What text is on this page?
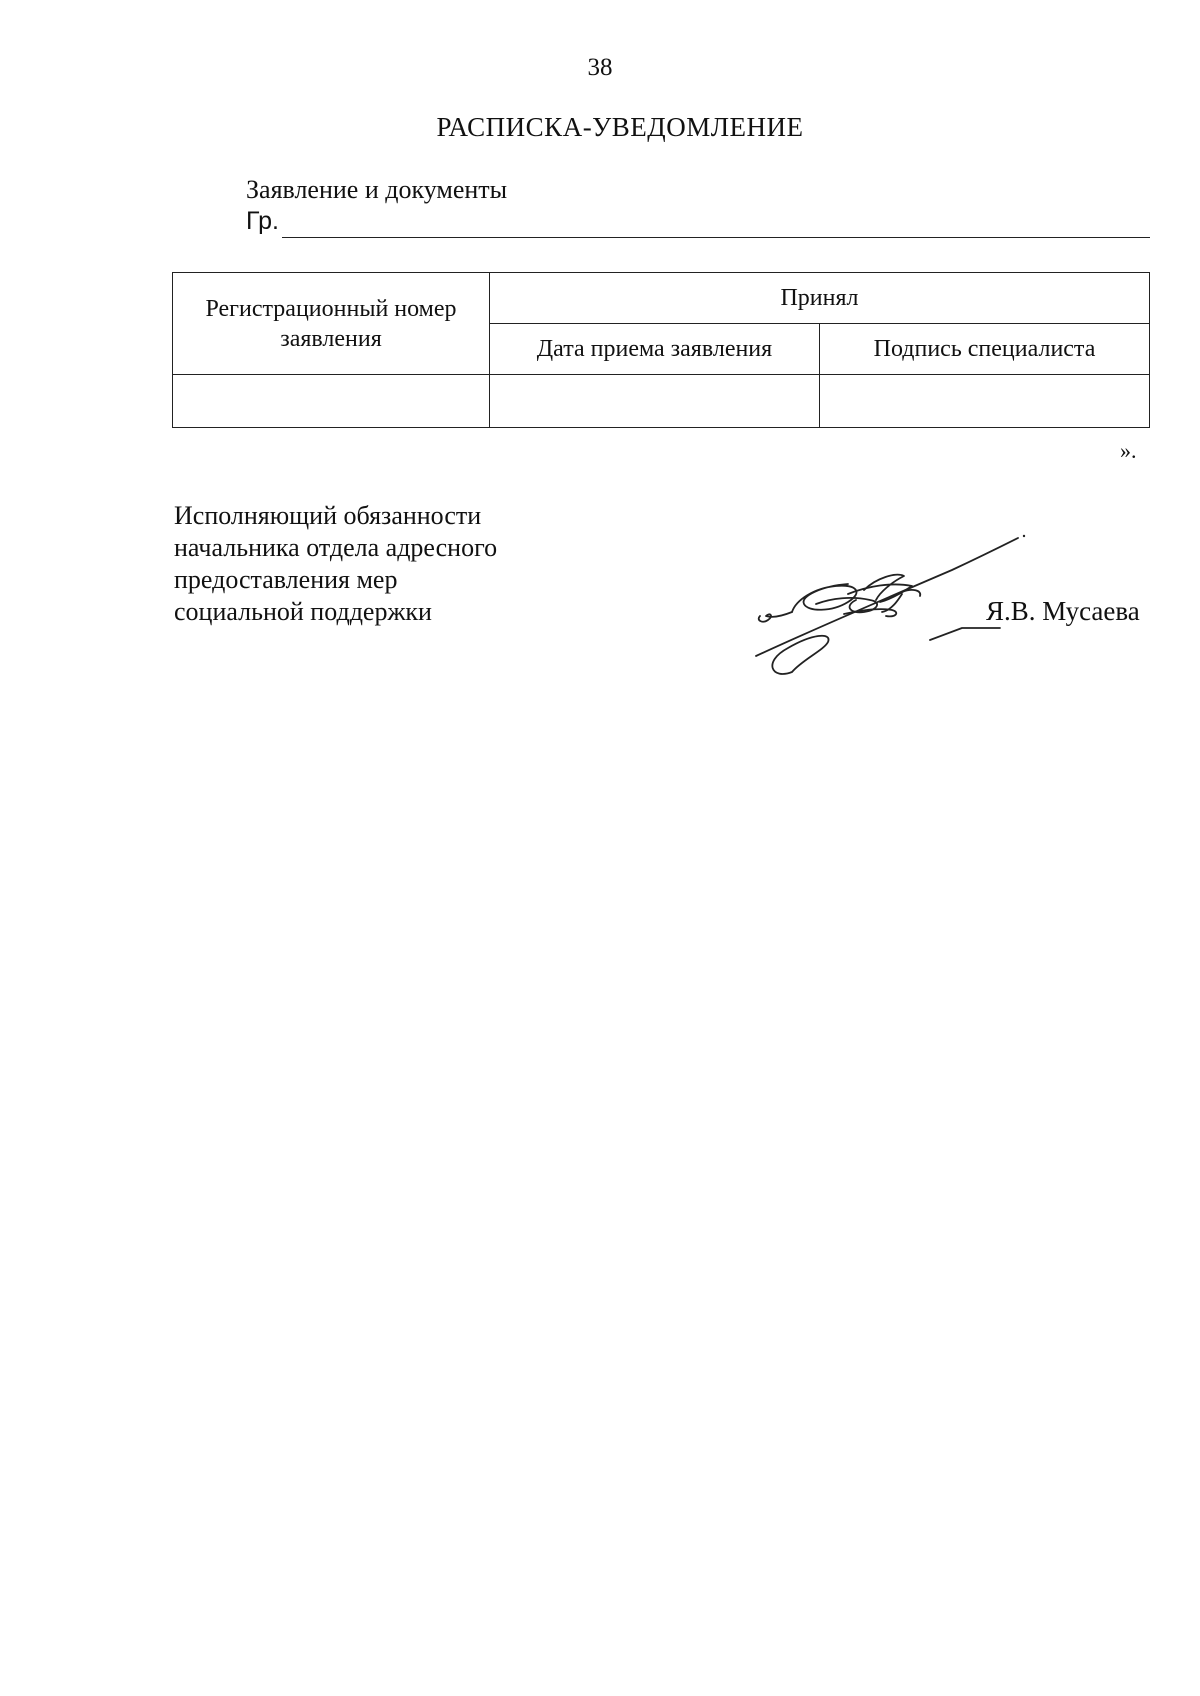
38
РАСПИСКА-УВЕДОМЛЕНИЕ
Заявление и документы
Гр.
Регистрационный номер заявления	Принял	
	Дата приема заявления	Подпись специалиста

».
Исполняющий обязанности
начальника отдела адресного
предоставления мер
социальной поддержки	Я.В. Мусаева
